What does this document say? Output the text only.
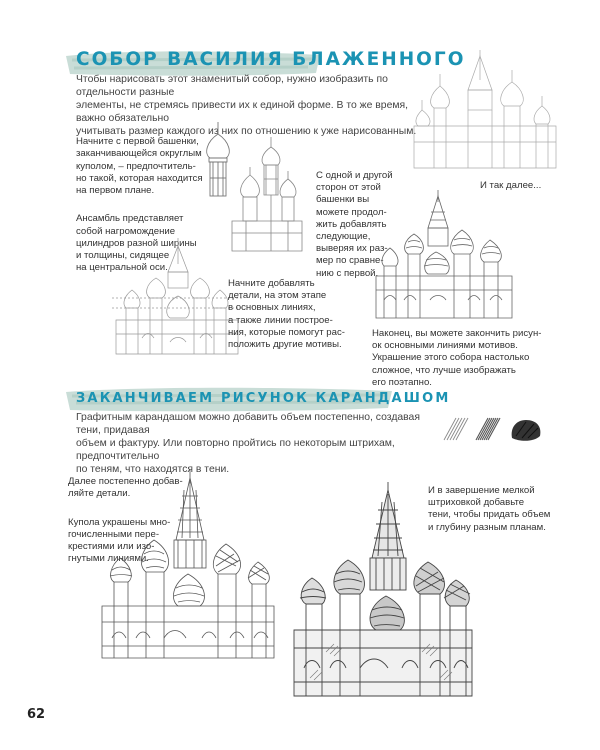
СОБОР ВАСИЛИЯ БЛАЖЕННОГО
Чтобы нарисовать этот знаменитый собор, нужно изобразить по отдельности разные
элементы, не стремясь привести их к единой форме. В то же время, важно обязательно
учитывать размер каждого из них по отношению к уже нарисованным.

Начните с первой башенки,
заканчивающейся округлым
куполом, – предпочтитель-
но такой, которая находится
на первом плане.

Ансамбль представляет
собой нагромождение
цилиндров разной ширины
и толщины, сидящее
на центральной оси.

С одной и другой
сторон от этой
башенки вы
можете продол-
жить добавлять
следующие,
выверяя их раз-
мер по сравне-
нию с первой.
И так далее...
Начните добавлять
детали, на этом этапе
в основных линиях,
а также линии построе-
ния, которые помогут рас-
положить другие мотивы.
Наконец, вы можете закончить рисун-
ок основными линиями мотивов.
Украшение этого собора настолько
сложное, что лучше изображать
его поэтапно.
ЗАКАНЧИВАЕМ РИСУНОК КАРАНДАШОМ
Графитным карандашом можно добавить объем постепенно, создавая тени, придавая
объем и фактуру. Или повторно пройтись по некоторым штрихам, предпочтительно
по теням, что находятся в тени.

Далее постепенно добав-
ляйте детали.

Купола украшены мно-
гочисленными пере-
крестиями или изо-
гнутыми линиями.

И в завершение мелкой
штриховкой добавьте
тени, чтобы придать объем
и глубину разным планам.
62
